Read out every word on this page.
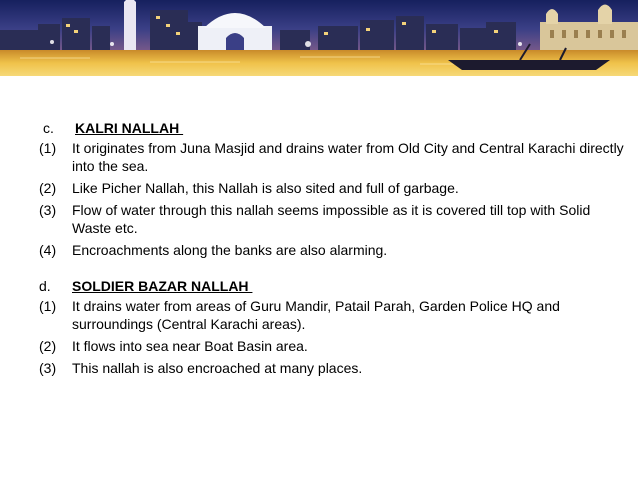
c. KALRI NALLAH
(1) It originates from Juna Masjid and drains water from Old City and Central Karachi directly into the sea.
(2) Like Picher Nallah, this Nallah is also sited and full of garbage.
(3) Flow of water through this nallah seems impossible as it is covered till top with Solid Waste etc.
(4) Encroachments along the banks are also alarming.
d. SOLDIER BAZAR NALLAH
(1) It drains water from areas of Guru Mandir, Patail Parah, Garden Police HQ and surroundings (Central Karachi areas).
(2) It flows into sea near Boat Basin area.
(3) This nallah is also encroached at many places.
